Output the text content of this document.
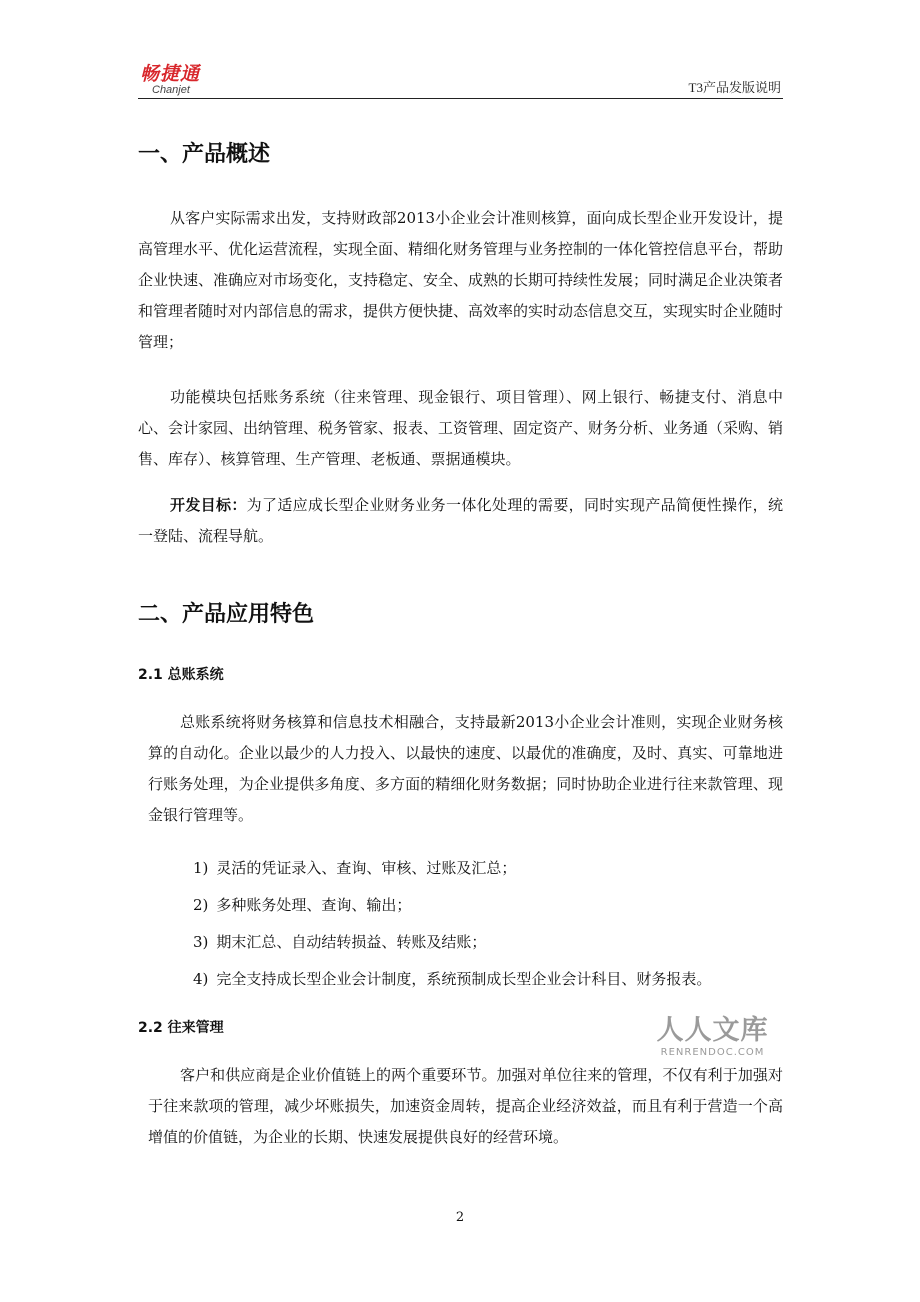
畅捷通
Chanjet	T3产品发版说明
一、产品概述

从客户实际需求出发，支持财政部2013小企业会计准则核算，面向成长型企业开发设计，提高管理水平、优化运营流程，实现全面、精细化财务管理与业务控制的一体化管控信息平台，帮助企业快速、准确应对市场变化，支持稳定、安全、成熟的长期可持续性发展；同时满足企业决策者和管理者随时对内部信息的需求，提供方便快捷、高效率的实时动态信息交互，实现实时企业随时管理；

功能模块包括账务系统（往来管理、现金银行、项目管理）、网上银行、畅捷支付、消息中心、会计家园、出纳管理、税务管家、报表、工资管理、固定资产、财务分析、业务通（采购、销售、库存）、核算管理、生产管理、老板通、票据通模块。

开发目标：为了适应成长型企业财务业务一体化处理的需要，同时实现产品简便性操作，统一登陆、流程导航。

二、产品应用特色
2.1 总账系统

总账系统将财务核算和信息技术相融合，支持最新2013小企业会计准则，实现企业财务核算的自动化。企业以最少的人力投入、以最快的速度、以最优的准确度，及时、真实、可靠地进行账务处理，为企业提供多角度、多方面的精细化财务数据；同时协助企业进行往来款管理、现金银行管理等。

1) 灵活的凭证录入、查询、审核、过账及汇总；
2) 多种账务处理、查询、输出；
3) 期末汇总、自动结转损益、转账及结账；
4) 完全支持成长型企业会计制度，系统预制成长型企业会计科目、财务报表。
2.2 往来管理

客户和供应商是企业价值链上的两个重要环节。加强对单位往来的管理，不仅有利于加强对于往来款项的管理，减少坏账损失，加速资金周转，提高企业经济效益，而且有利于营造一个高增值的价值链，为企业的长期、快速发展提供良好的经营环境。

人人文库
RENRENDOC.COM
2
